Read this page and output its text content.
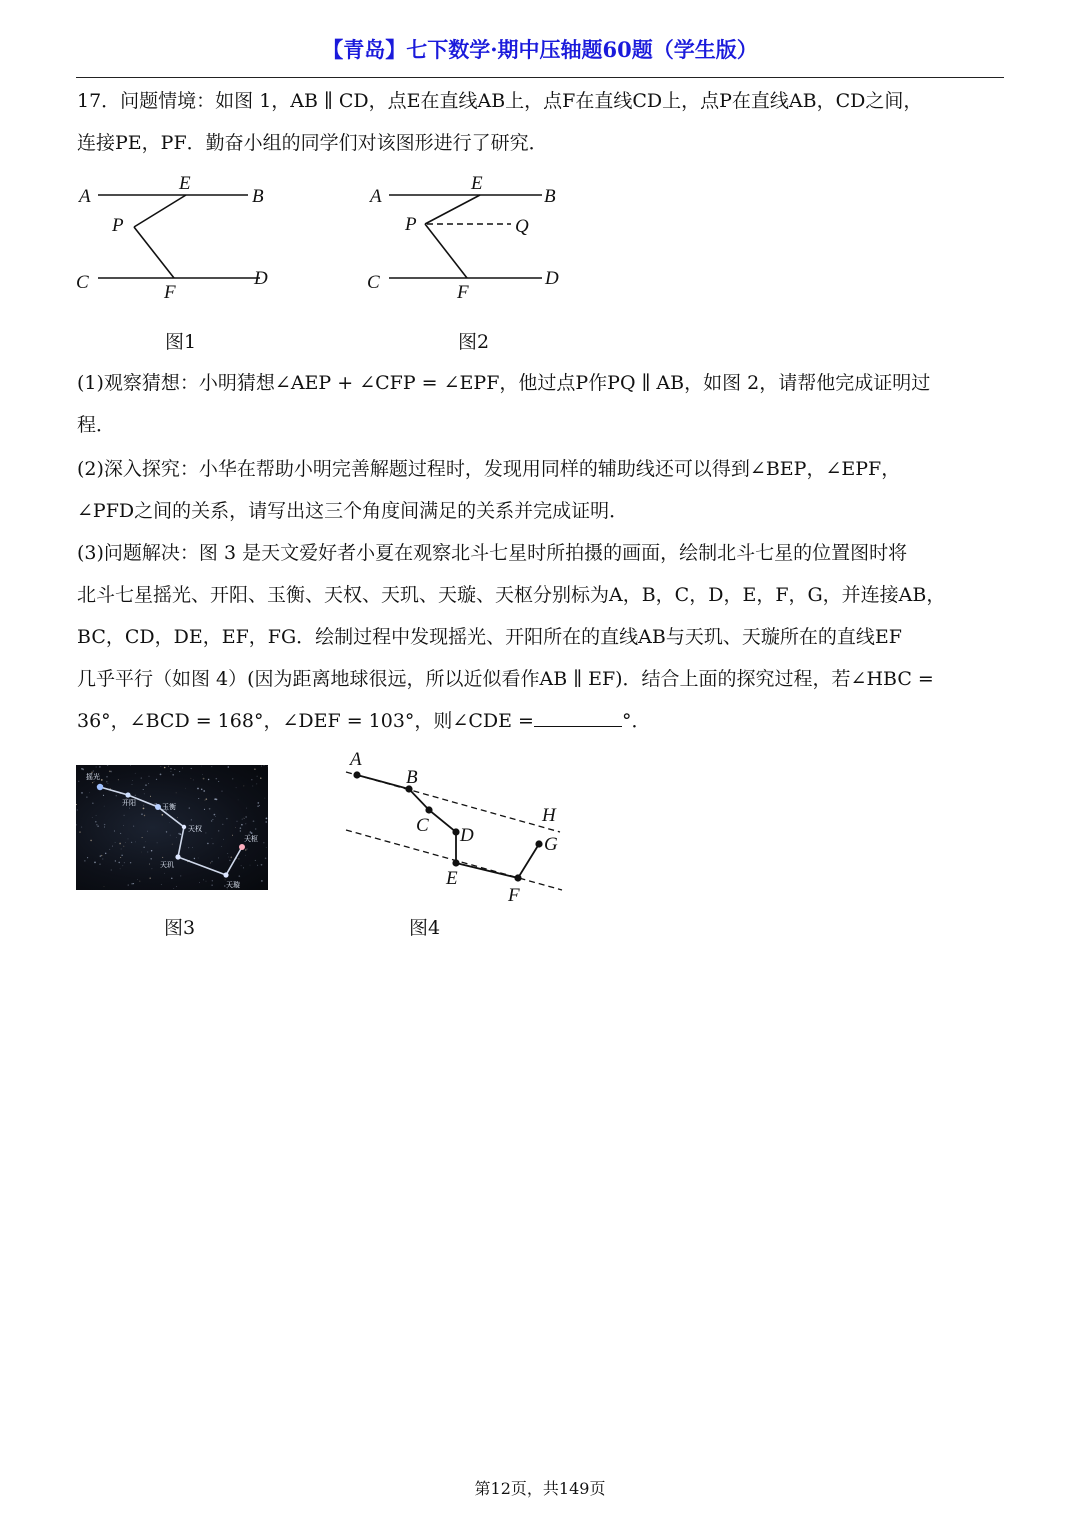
【青岛】七下数学·期中压轴题60题（学生版）
17．问题情境：如图 1，AB ∥ CD，点E在直线AB上，点F在直线CD上，点P在直线AB，CD之间，
连接PE，PF．勤奋小组的同学们对该图形进行了研究．
A
E
B
P
C	D
F
图1
A
E
B
P	Q
C	D
F
图2
(1)观察猜想：小明猜想∠AEP + ∠CFP = ∠EPF，他过点P作PQ ∥ AB，如图 2，请帮他完成证明过
程．
(2)深入探究：小华在帮助小明完善解题过程时，发现用同样的辅助线还可以得到∠BEP，∠EPF，
∠PFD之间的关系，请写出这三个角度间满足的关系并完成证明．
(3)问题解决：图 3 是天文爱好者小夏在观察北斗七星时所拍摄的画面，绘制北斗七星的位置图时将
北斗七星摇光、开阳、玉衡、天权、天玑、天璇、天枢分别标为A，B，C，D，E，F，G，并连接AB，
BC，CD，DE，EF，FG．绘制过程中发现摇光、开阳所在的直线AB与天玑、天璇所在的直线EF
几乎平行（如图 4）(因为距离地球很远，所以近似看作AB ∥ EF)．结合上面的探究过程，若∠HBC =
36°，∠BCD = 168°，∠DEF = 103°，则∠CDE =	°．
摇光
开阳	玉衡
天权
天玑
天璇
天枢
图3
A
B
C D
E
F
G
H
图4
第12页，共149页
